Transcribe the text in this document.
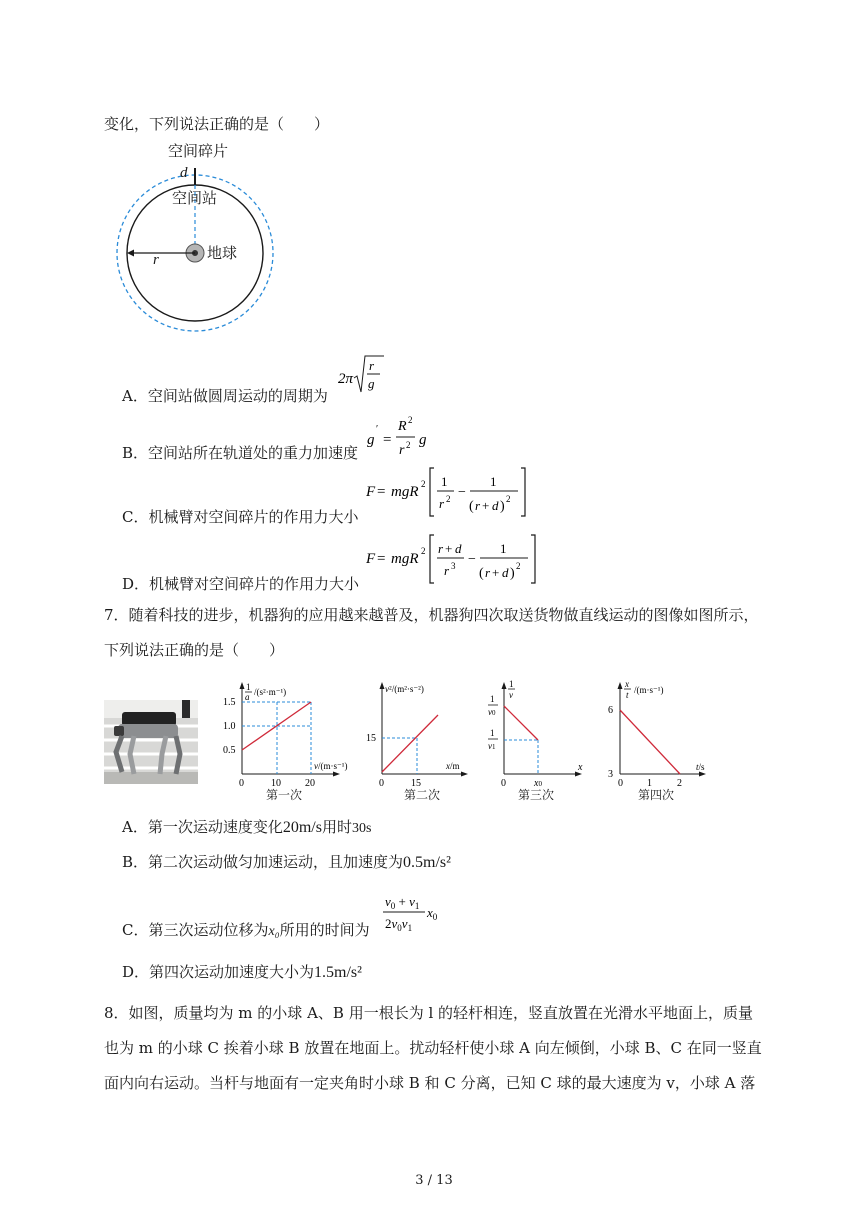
变化，下列说法正确的是（　　）
空间碎片
d
空间站
地球
r
A．空间站做圆周运动的周期为
2π
r
g
B．空间站所在轨道处的重力加速度
g
′
=
R 2
r 2 g
C．机械臂对空间碎片的作用力大小
F = mgR 2 1
r 2 −
1
( r + d ) 2
D．机械臂对空间碎片的作用力大小
F = mgR 2 r + d
r 3 −
1
( r + d ) 2
7．随着科技的进步，机器狗的应用越来越普及，机器狗四次取送货物做直线运动的图像如图所示，
下列说法正确的是（　　）
1
a /(s²·m⁻¹)
1.5
1.0
0.5
v/(m·s⁻¹)
0	10 20
第一次
v²/(m²·s⁻²)
15
x/m
0	15
第二次
1
v
1
v0
1
v1
x
0	x0
第三次
x
t /(m·s⁻¹)
6
3
t/s
0 1	2
第四次
A．第一次运动速度变化20m/s用时30s
B．第二次运动做匀加速运动，且加速度为0.5m/s²
C．第三次运动位移为x₀所用的时间为
$v_0 + v_1$
$2v_0v_1$
$x_0$
D．第四次运动加速度大小为1.5m/s²
8．如图，质量均为 m 的小球 A、B 用一根长为 l 的轻杆相连，竖直放置在光滑水平地面上，质量
也为 m 的小球 C 挨着小球 B 放置在地面上。扰动轻杆使小球 A 向左倾倒，小球 B、C 在同一竖直
面内向右运动。当杆与地面有一定夹角时小球 B 和 C 分离，已知 C 球的最大速度为 v，小球 A 落
3 / 13
